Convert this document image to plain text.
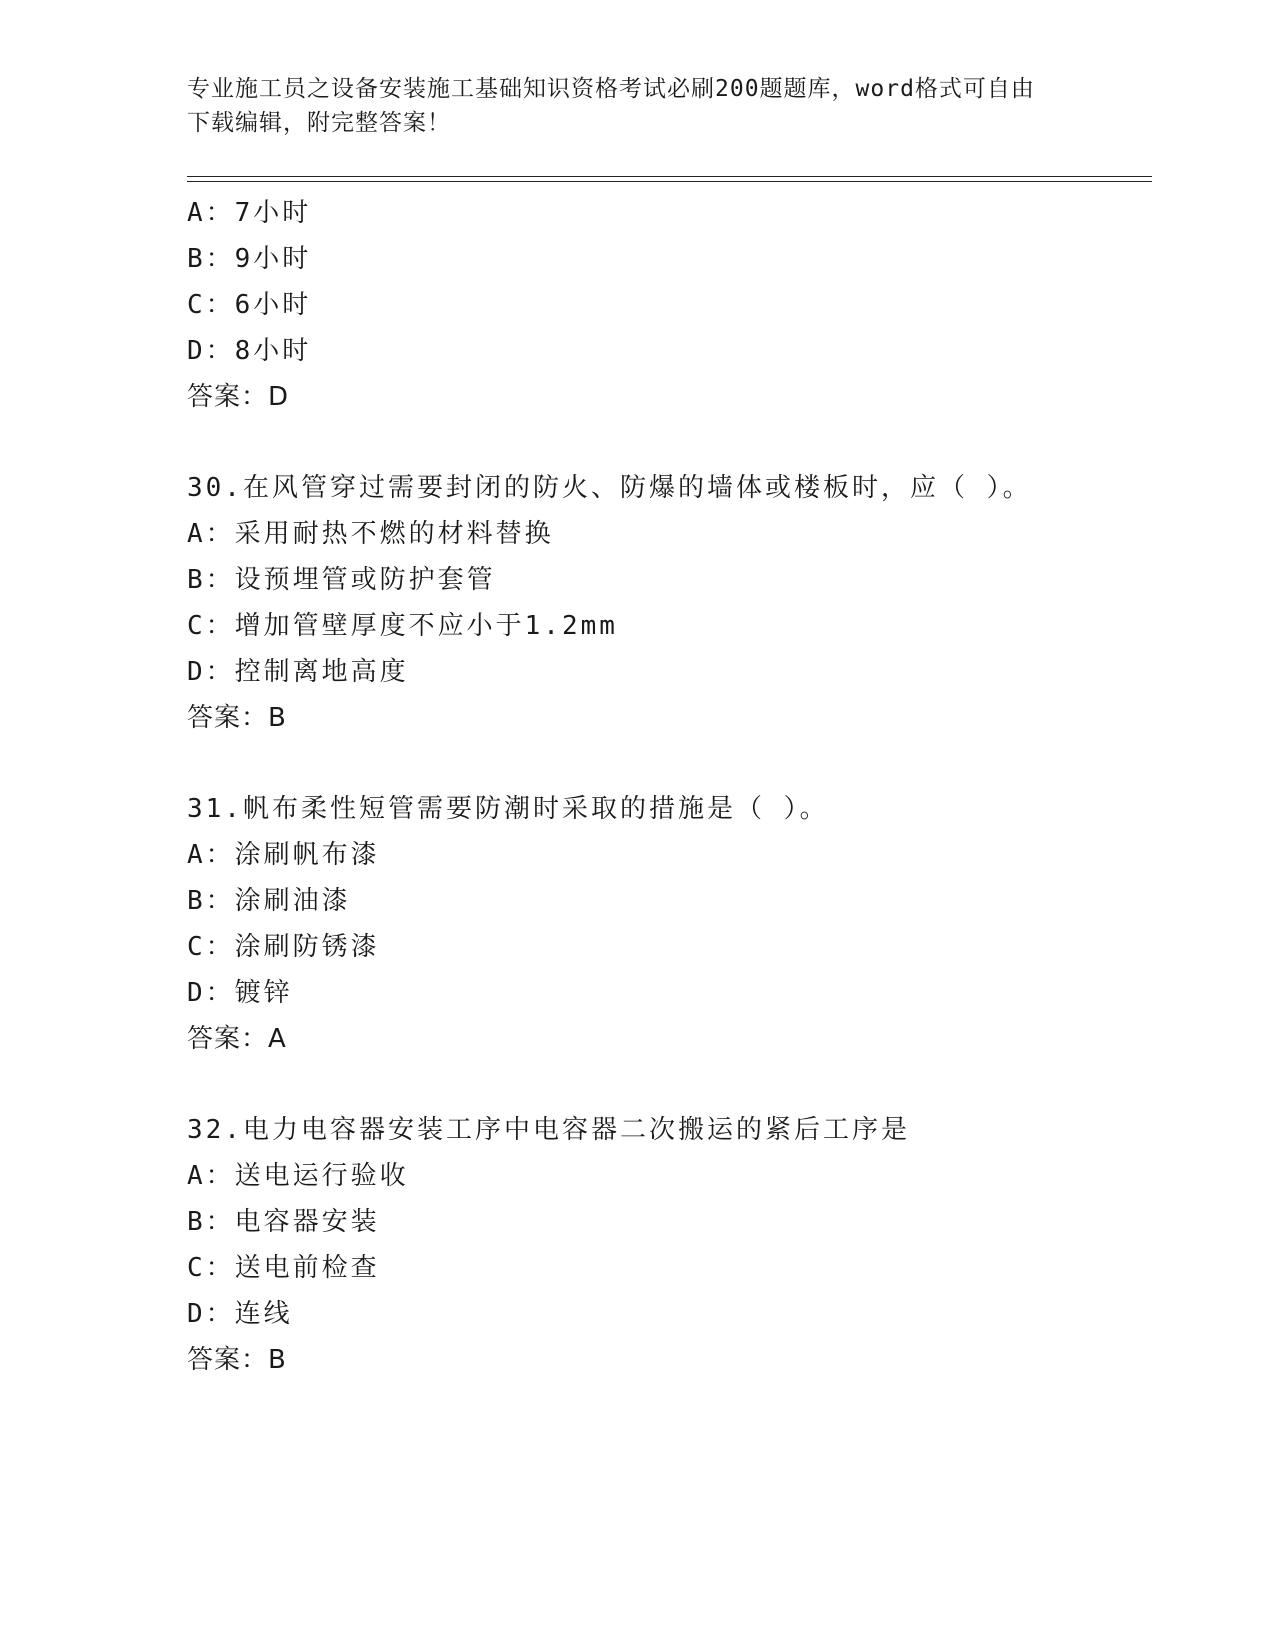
专业施工员之设备安装施工基础知识资格考试必刷200题题库，word格式可自由
下载编辑，附完整答案！
A：7小时
B：9小时
C：6小时
D：8小时
答案：D
30.在风管穿过需要封闭的防火、防爆的墙体或楼板时，应（ ）。
A：采用耐热不燃的材料替换
B：设预埋管或防护套管
C：增加管壁厚度不应小于1.2mm
D：控制离地高度
答案：B
31.帆布柔性短管需要防潮时采取的措施是（ ）。
A：涂刷帆布漆
B：涂刷油漆
C：涂刷防锈漆
D：镀锌
答案：A
32.电力电容器安装工序中电容器二次搬运的紧后工序是
A：送电运行验收
B：电容器安装
C：送电前检查
D：连线
答案：B
